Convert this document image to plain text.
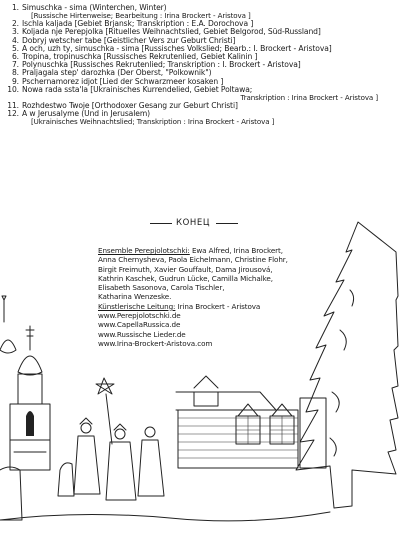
1. Simuschka - sima (Winterchen, Winter)
[Russische Hirtenweise; Bearbeitung : Irina Brockert - Aristova ]
2. Ischla kaljada [Gebiet Brjansk; Transkription : E.A. Dorochova ]
3. Koljada nje Perepjolka [Rituelles Weihnachtslied, Gebiet Belgorod, Süd-Russland]
4. Dobryj wetscher tabe [Geistlicher Vers zur Geburt Christi]
5. A och, uzh ty, simuschka - sima [Russisches Volkslied; Bearb.: I. Brockert - Aristova]
6. Tropina, tropinuschka [Russisches Rekrutenlied, Gebiet Kalinin ]
7. Polynuschka [Russisches Rekrutenlied; Transkription : I. Brockert - Aristova]
8. Praljagala step' darozhka (Der Oberst, "Polkownik")
9. Pschernamorez idjot [Lied der Schwarzmeer kosaken ]
10. Nowa rada ssta'la [Ukrainisches Kurrendelied, Gebiet Poltawa;
Transkription : Irina Brockert - Aristova ]
11. Rozhdestwo Twoje [Orthodoxer Gesang zur Geburt Christi]
12. A w Jerusalyme (Und in Jerusalem)
[Ukrainisches Weihnachtslied; Transkription : Irina Brockert - Aristova ]
КОНЕЦ
Ensemble Perepjolotschki: Ewa Alfred, Irina Brockert,
Anna Chernysheva, Paola Eichelmann, Christine Flohr,
Birgit Freimuth, Xavier Gouffault, Dama Jirousová,
Kathrin Kaschek, Gudrun Lücke, Camilla Michalke,
Elisabeth Sasonova, Carola Tischler,
Katharina Wenzeske.
Künstlerische Leitung: Irina Brockert - Aristova
www.Perepjolotschki.de
www.CapellaRussica.de
www.Russische Lieder.de
www.Irina-Brockert-Aristova.com
